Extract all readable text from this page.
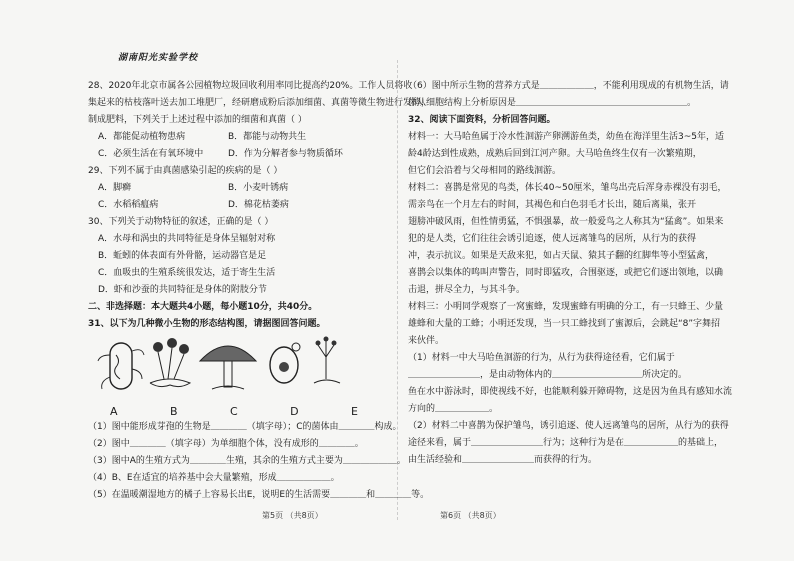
湖南阳光实验学校
28、2020年北京市属各公园植物垃圾回收利用率同比提高约20%。工作人员将收
集起来的枯枝落叶送去加工堆肥厂，经研磨成粉后添加细菌、真菌等微生物进行发酵，
制成肥料，下列关于上述过程中添加的细菌和真菌（ ）
A．都能促动植物患病	B．都能与动物共生
C．必须生活在有氧环境中	D．作为分解者参与物质循环
29、下列不属于由真菌感染引起的疾病的是（ ）
A．脚癣	B．小麦叶锈病
C．水稻稻瘟病	D．棉花枯萎病
30、下列关于动物特征的叙述，正确的是（ ）
A．水母和涡虫的共同特征是身体呈辐射对称
B．蚯蚓的体表面有外骨骼，运动器官是足
C．血吸虫的生殖系统很发达，适于寄生生活
D．虾和沙蚕的共同特征是身体的附肢分节
二、非选择题：本大题共4小题，每小题10分，共40分。
31、以下为几种微小生物的形态结构图，请据图回答问题。
A	B	C	D	E
（1）图中能形成芽孢的生物是＿＿＿＿（填字母）；C的菌体由＿＿＿＿构成。
（2）图中＿＿＿＿（填字母）为单细胞个体，没有成形的＿＿＿＿。
（3）图中A的生殖方式为＿＿＿＿生殖，其余的生殖方式主要为＿＿＿＿＿＿。
（4）B、E在适宜的培养基中会大量繁殖，形成＿＿＿＿＿＿。
（5）在温暖潮湿地方的橘子上容易长出E，说明E的生活需要＿＿＿＿和＿＿＿＿等。
（6）图中所示生物的营养方式是＿＿＿＿＿＿，不能利用现成的有机物生活，请
你从细胞结构上分析原因是＿＿＿＿＿＿＿＿＿＿＿＿＿＿＿＿＿＿＿。
32、阅读下面资料，分析回答问题。
材料一：大马哈鱼属于冷水性洄游产卵溯游鱼类，幼鱼在海洋里生活3~5年，适
龄4龄达到性成熟，成熟后回到江河产卵。大马哈鱼终生仅有一次繁殖期，
但它们会沿着与父母相同的路线洄游。
材料二：喜鹊是常见的鸟类，体长40~50厘米，雏鸟出壳后浑身赤裸没有羽毛，
需亲鸟在一个月左右的时间，其褐色和白色羽毛才长出，随后离巢，张开
翅膀冲破风雨，但性情勇猛，不惧强暴，故一般爱鸟之人称其为“猛禽”。如果来
犯的是人类，它们往往会诱引追逐，使人远离雏鸟的居所，从行为的获得
冲，表示抗议。如果是天敌来犯，如占天鼠、猿其子翻的红脚隼等小型猛禽，
喜鹊会以集体的鸣叫声警告，同时即猛攻，合围驱逐，或把它们逐出领地，以确
击退，拼尽全力，与其斗争。
材料三：小明同学观察了一窝蜜蜂，发现蜜蜂有明确的分工，有一只蜂王、少量
雄蜂和大量的工蜂；小明还发现，当一只工蜂找到了蜜源后，会跳起“8”字舞招
来伙伴。
（1）材料一中大马哈鱼洄游的行为，从行为获得途径看，它们属于
＿＿＿＿＿＿＿＿，是由动物体内的＿＿＿＿＿＿＿＿＿＿所决定的。
鱼在水中游泳时，即使视线不好，也能顺利躲开障碍物，这是因为鱼具有感知水流
方向的＿＿＿＿＿＿。
（2）材料二中喜鹊为保护雏鸟，诱引追逐、使人远离雏鸟的居所，从行为的获得
途径来看，属于＿＿＿＿＿＿＿＿行为；这种行为是在＿＿＿＿＿＿的基础上，
由生活经验和＿＿＿＿＿＿＿＿而获得的行为。
第5页 （共8页）	第6页 （共8页）
